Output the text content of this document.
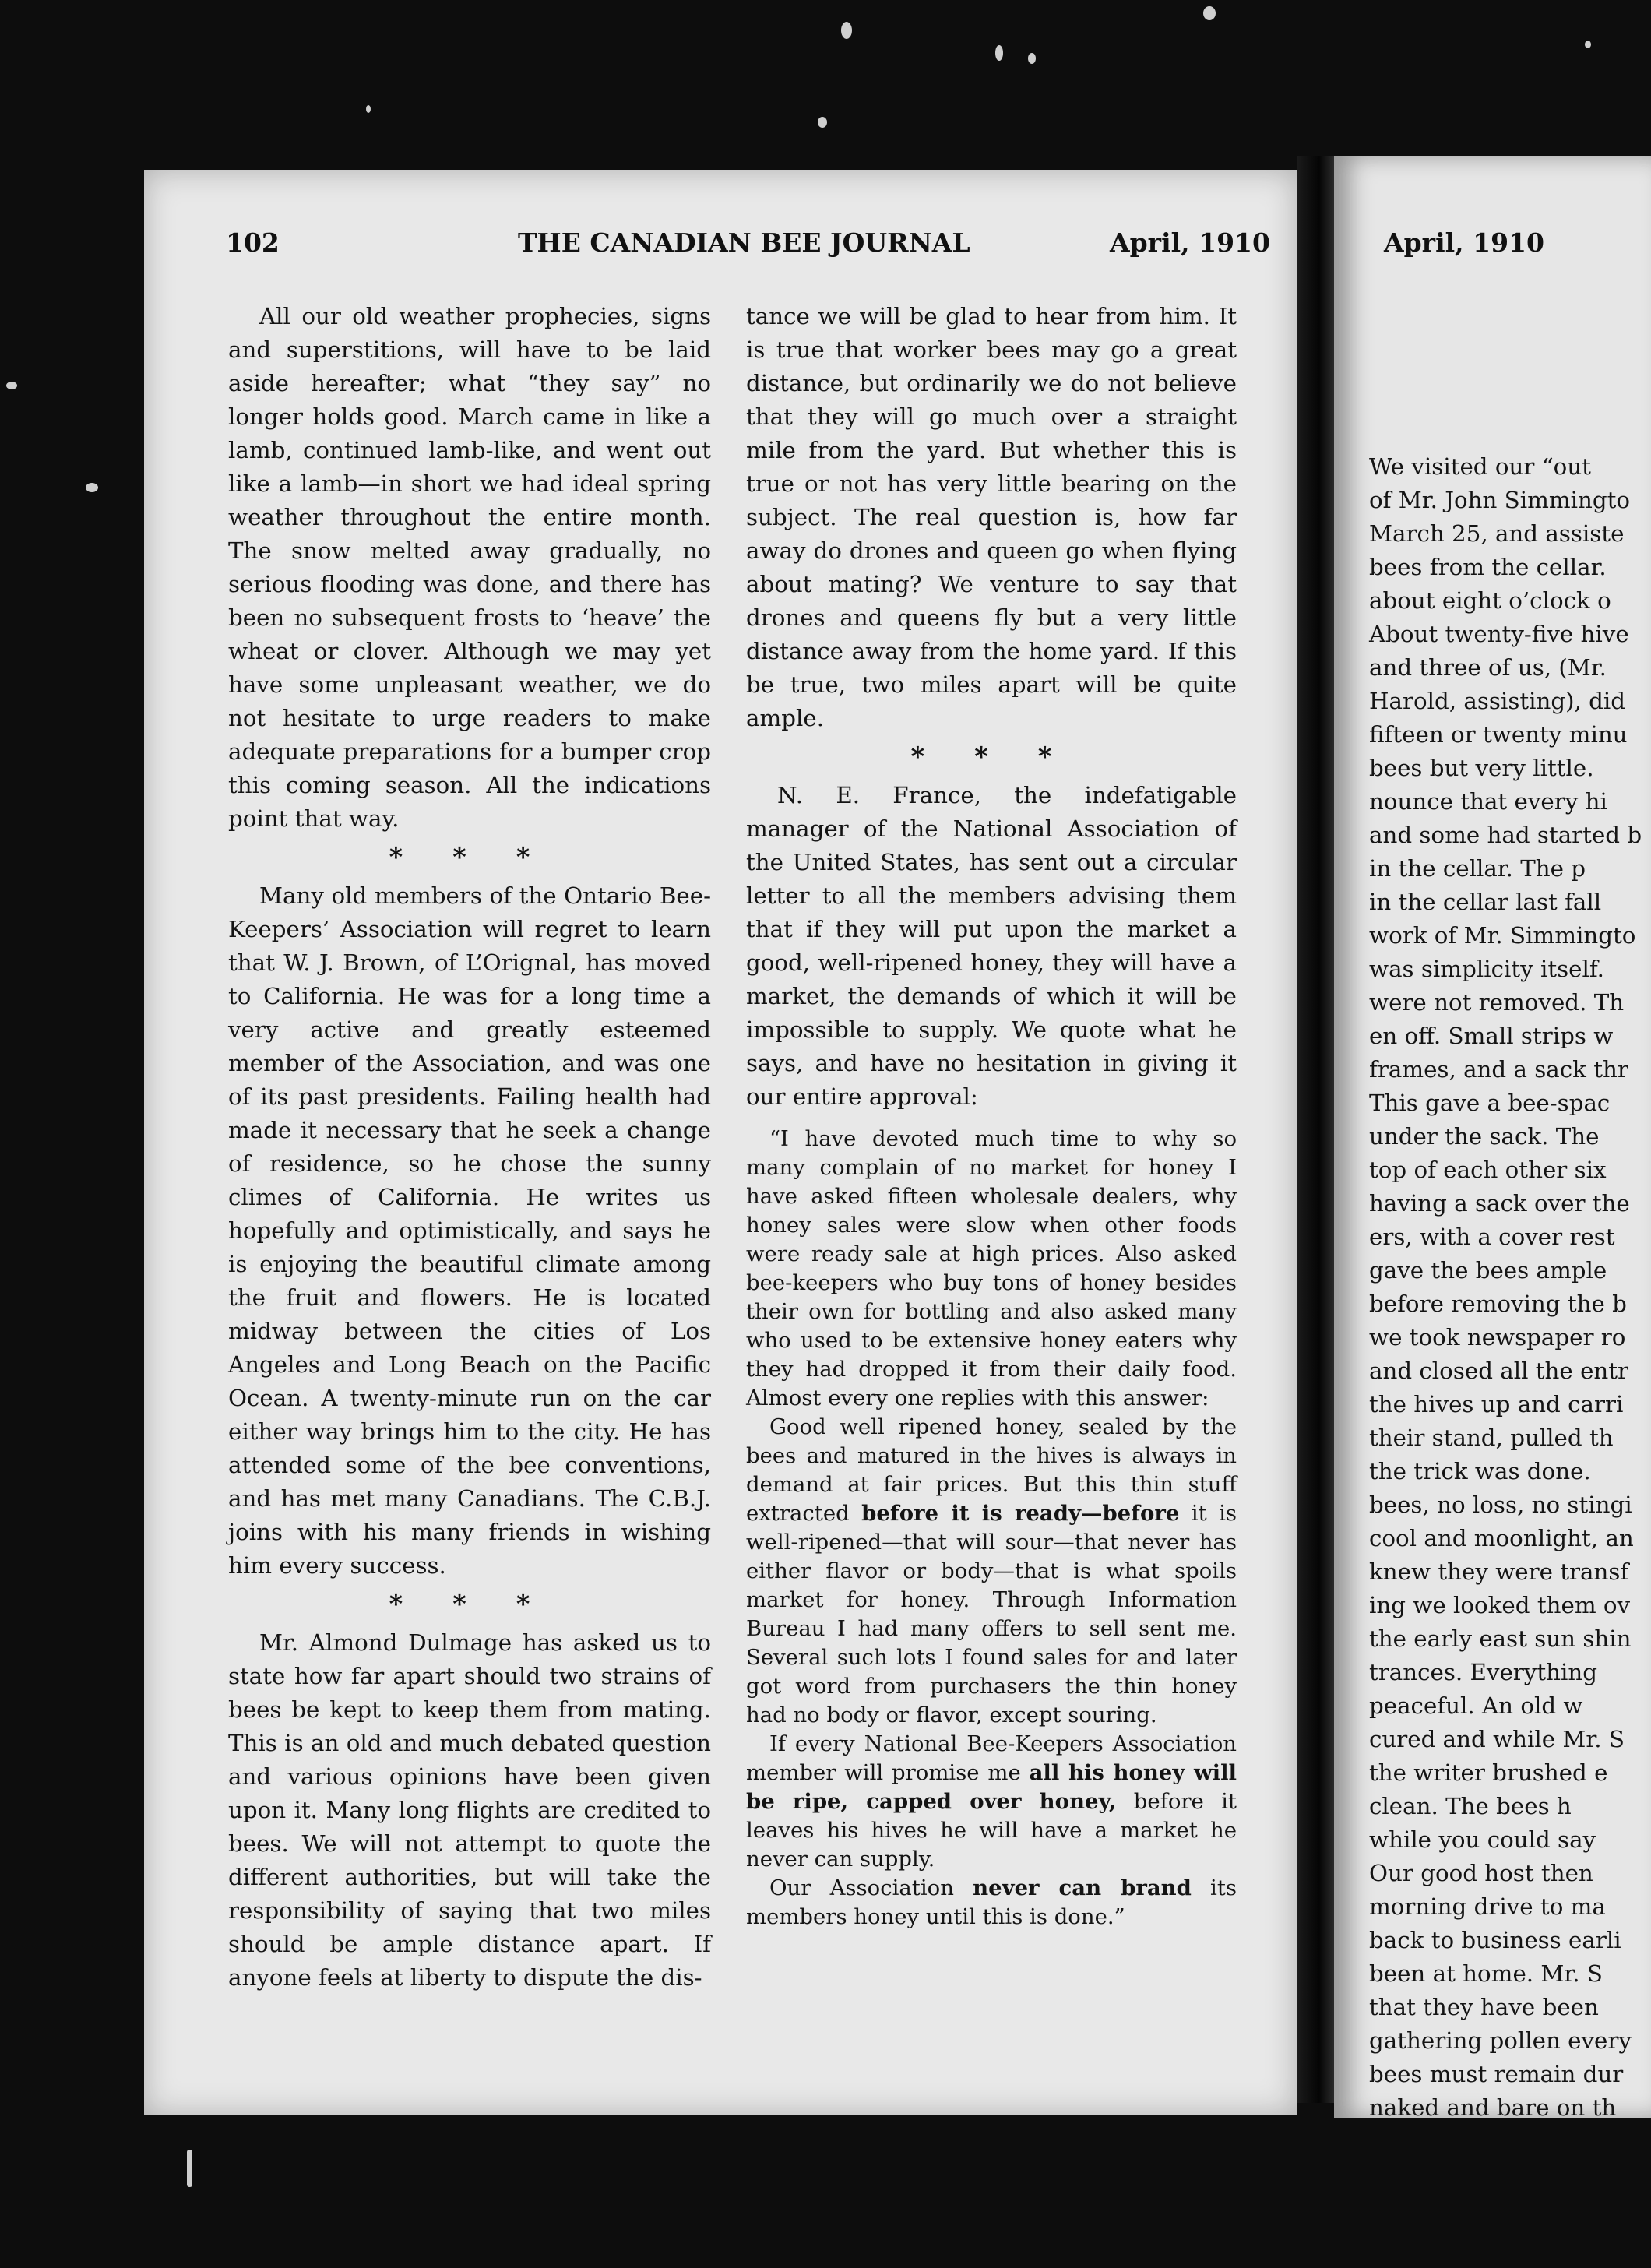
April, 1910
We visited our “out
of Mr. John Simmingto
March 25, and assiste
bees from the cellar.
about eight o’clock o
About twenty-five hive
and three of us, (Mr.
Harold, assisting), did
fifteen or twenty minu
bees but very little.
nounce that every hi
and some had started b
in the cellar. The p
in the cellar last fall
work of Mr. Simmingto
was simplicity itself.
were not removed. Th
en off. Small strips w
frames, and a sack thr
This gave a bee-spac
under the sack. The
top of each other six
having a sack over the
ers, with a cover rest
gave the bees ample
before removing the b
we took newspaper ro
and closed all the entr
the hives up and carri
their stand, pulled th
the trick was done.
bees, no loss, no stingi
cool and moonlight, an
knew they were transf
ing we looked them ov
the early east sun shin
trances. Everything
peaceful. An old w
cured and while Mr. S
the writer brushed e
clean. The bees h
while you could say
Our good host then
morning drive to ma
back to business earli
been at home. Mr. S
that they have been
gathering pollen every
bees must remain dur
naked and bare on th
102	THE CANADIAN BEE JOURNAL	April, 1910

All our old weather prophecies, signs and superstitions, will have to be laid aside hereafter; what “they say” no longer holds good. March came in like a lamb, continued lamb-like, and went out like a lamb—in short we had ideal spring weather throughout the entire month. The snow melted away gradually, no serious flooding was done, and there has been no subsequent frosts to ‘heave’ the wheat or clover. Although we may yet have some unpleasant weather, we do not hesitate to urge readers to make adequate preparations for a bumper crop this coming season. All the indications point that way.

* * *

Many old members of the Ontario Bee-Keepers’ Association will regret to learn that W. J. Brown, of L’Orignal, has moved to California. He was for a long time a very active and greatly esteemed member of the Association, and was one of its past presidents. Failing health had made it necessary that he seek a change of residence, so he chose the sunny climes of California. He writes us hopefully and optimistically, and says he is enjoying the beautiful climate among the fruit and flowers. He is located midway between the cities of Los Angeles and Long Beach on the Pacific Ocean. A twenty-minute run on the car either way brings him to the city. He has attended some of the bee conventions, and has met many Canadians. The C.B.J. joins with his many friends in wishing him every success.

* * *

Mr. Almond Dulmage has asked us to state how far apart should two strains of bees be kept to keep them from mating. This is an old and much debated question and various opinions have been given upon it. Many long flights are credited to bees. We will not attempt to quote the different authorities, but will take the responsibility of saying that two miles should be ample distance apart. If anyone feels at liberty to dispute the dis-

tance we will be glad to hear from him. It is true that worker bees may go a great distance, but ordinarily we do not believe that they will go much over a straight mile from the yard. But whether this is true or not has very little bearing on the subject. The real question is, how far away do drones and queen go when flying about mating? We venture to say that drones and queens fly but a very little distance away from the home yard. If this be true, two miles apart will be quite ample.

* * *

N. E. France, the indefatigable manager of the National Association of the United States, has sent out a circular letter to all the members advising them that if they will put upon the market a good, well-ripened honey, they will have a market, the demands of which it will be impossible to supply. We quote what he says, and have no hesitation in giving it our entire approval:

“I have devoted much time to why so many complain of no market for honey I have asked fifteen wholesale dealers, why honey sales were slow when other foods were ready sale at high prices. Also asked bee-keepers who buy tons of honey besides their own for bottling and also asked many who used to be extensive honey eaters why they had dropped it from their daily food. Almost every one replies with this answer:

Good well ripened honey, sealed by the bees and matured in the hives is always in demand at fair prices. But this thin stuff extracted before it is ready—before it is well-ripened—that will sour—that never has either flavor or body—that is what spoils market for honey. Through Information Bureau I had many offers to sell sent me. Several such lots I found sales for and later got word from purchasers the thin honey had no body or flavor, except souring.

If every National Bee-Keepers Association member will promise me all his honey will be ripe, capped over honey, before it leaves his hives he will have a market he never can supply.

Our Association never can brand its members honey until this is done.”
